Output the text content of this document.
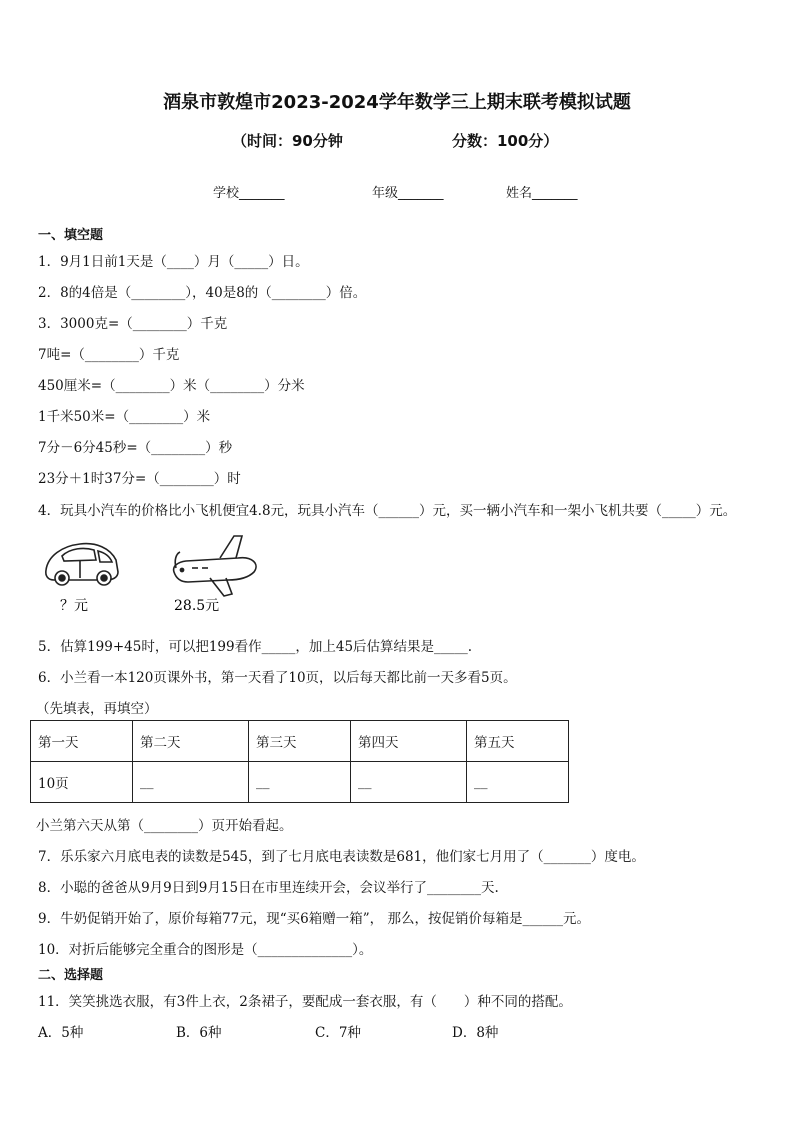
酒泉市敦煌市2023-2024学年数学三上期末联考模拟试题
（时间：90分钟	分数：100分）
学校_______	年级_______	姓名_______
一、填空题
1．9月1日前1天是（____）月（_____）日。
2．8的4倍是（________），40是8的（________）倍。
3．3000克=（________）千克
7吨=（________）千克
450厘米=（________）米（________）分米
1千米50米=（________）米
7分－6分45秒=（________）秒
23分＋1时37分=（________）时
4．玩具小汽车的价格比小飞机便宜4.8元，玩具小汽车（______）元，买一辆小汽车和一架小飞机共要（_____）元。
？元	28.5元
5．估算199+45时，可以把199看作_____，加上45后估算结果是_____.
6．小兰看一本120页课外书，第一天看了10页，以后每天都比前一天多看5页。
（先填表，再填空）
第一天	第二天	第三天	第四天	第五天
10页	__	__	__	__
小兰第六天从第（________）页开始看起。
7．乐乐家六月底电表的读数是545，到了七月底电表读数是681，他们家七月用了（_______）度电。
8．小聪的爸爸从9月9日到9月15日在市里连续开会，会议举行了________天.
9．牛奶促销开始了，原价每箱77元，现“买6箱赠一箱”， 那么，按促销价每箱是______元。
10．对折后能够完全重合的图形是（______________）。
二、选择题
11．笑笑挑选衣服，有3件上衣，2条裙子，要配成一套衣服，有（　　）种不同的搭配。
A．5种	B．6种	C．7种	D．8种
